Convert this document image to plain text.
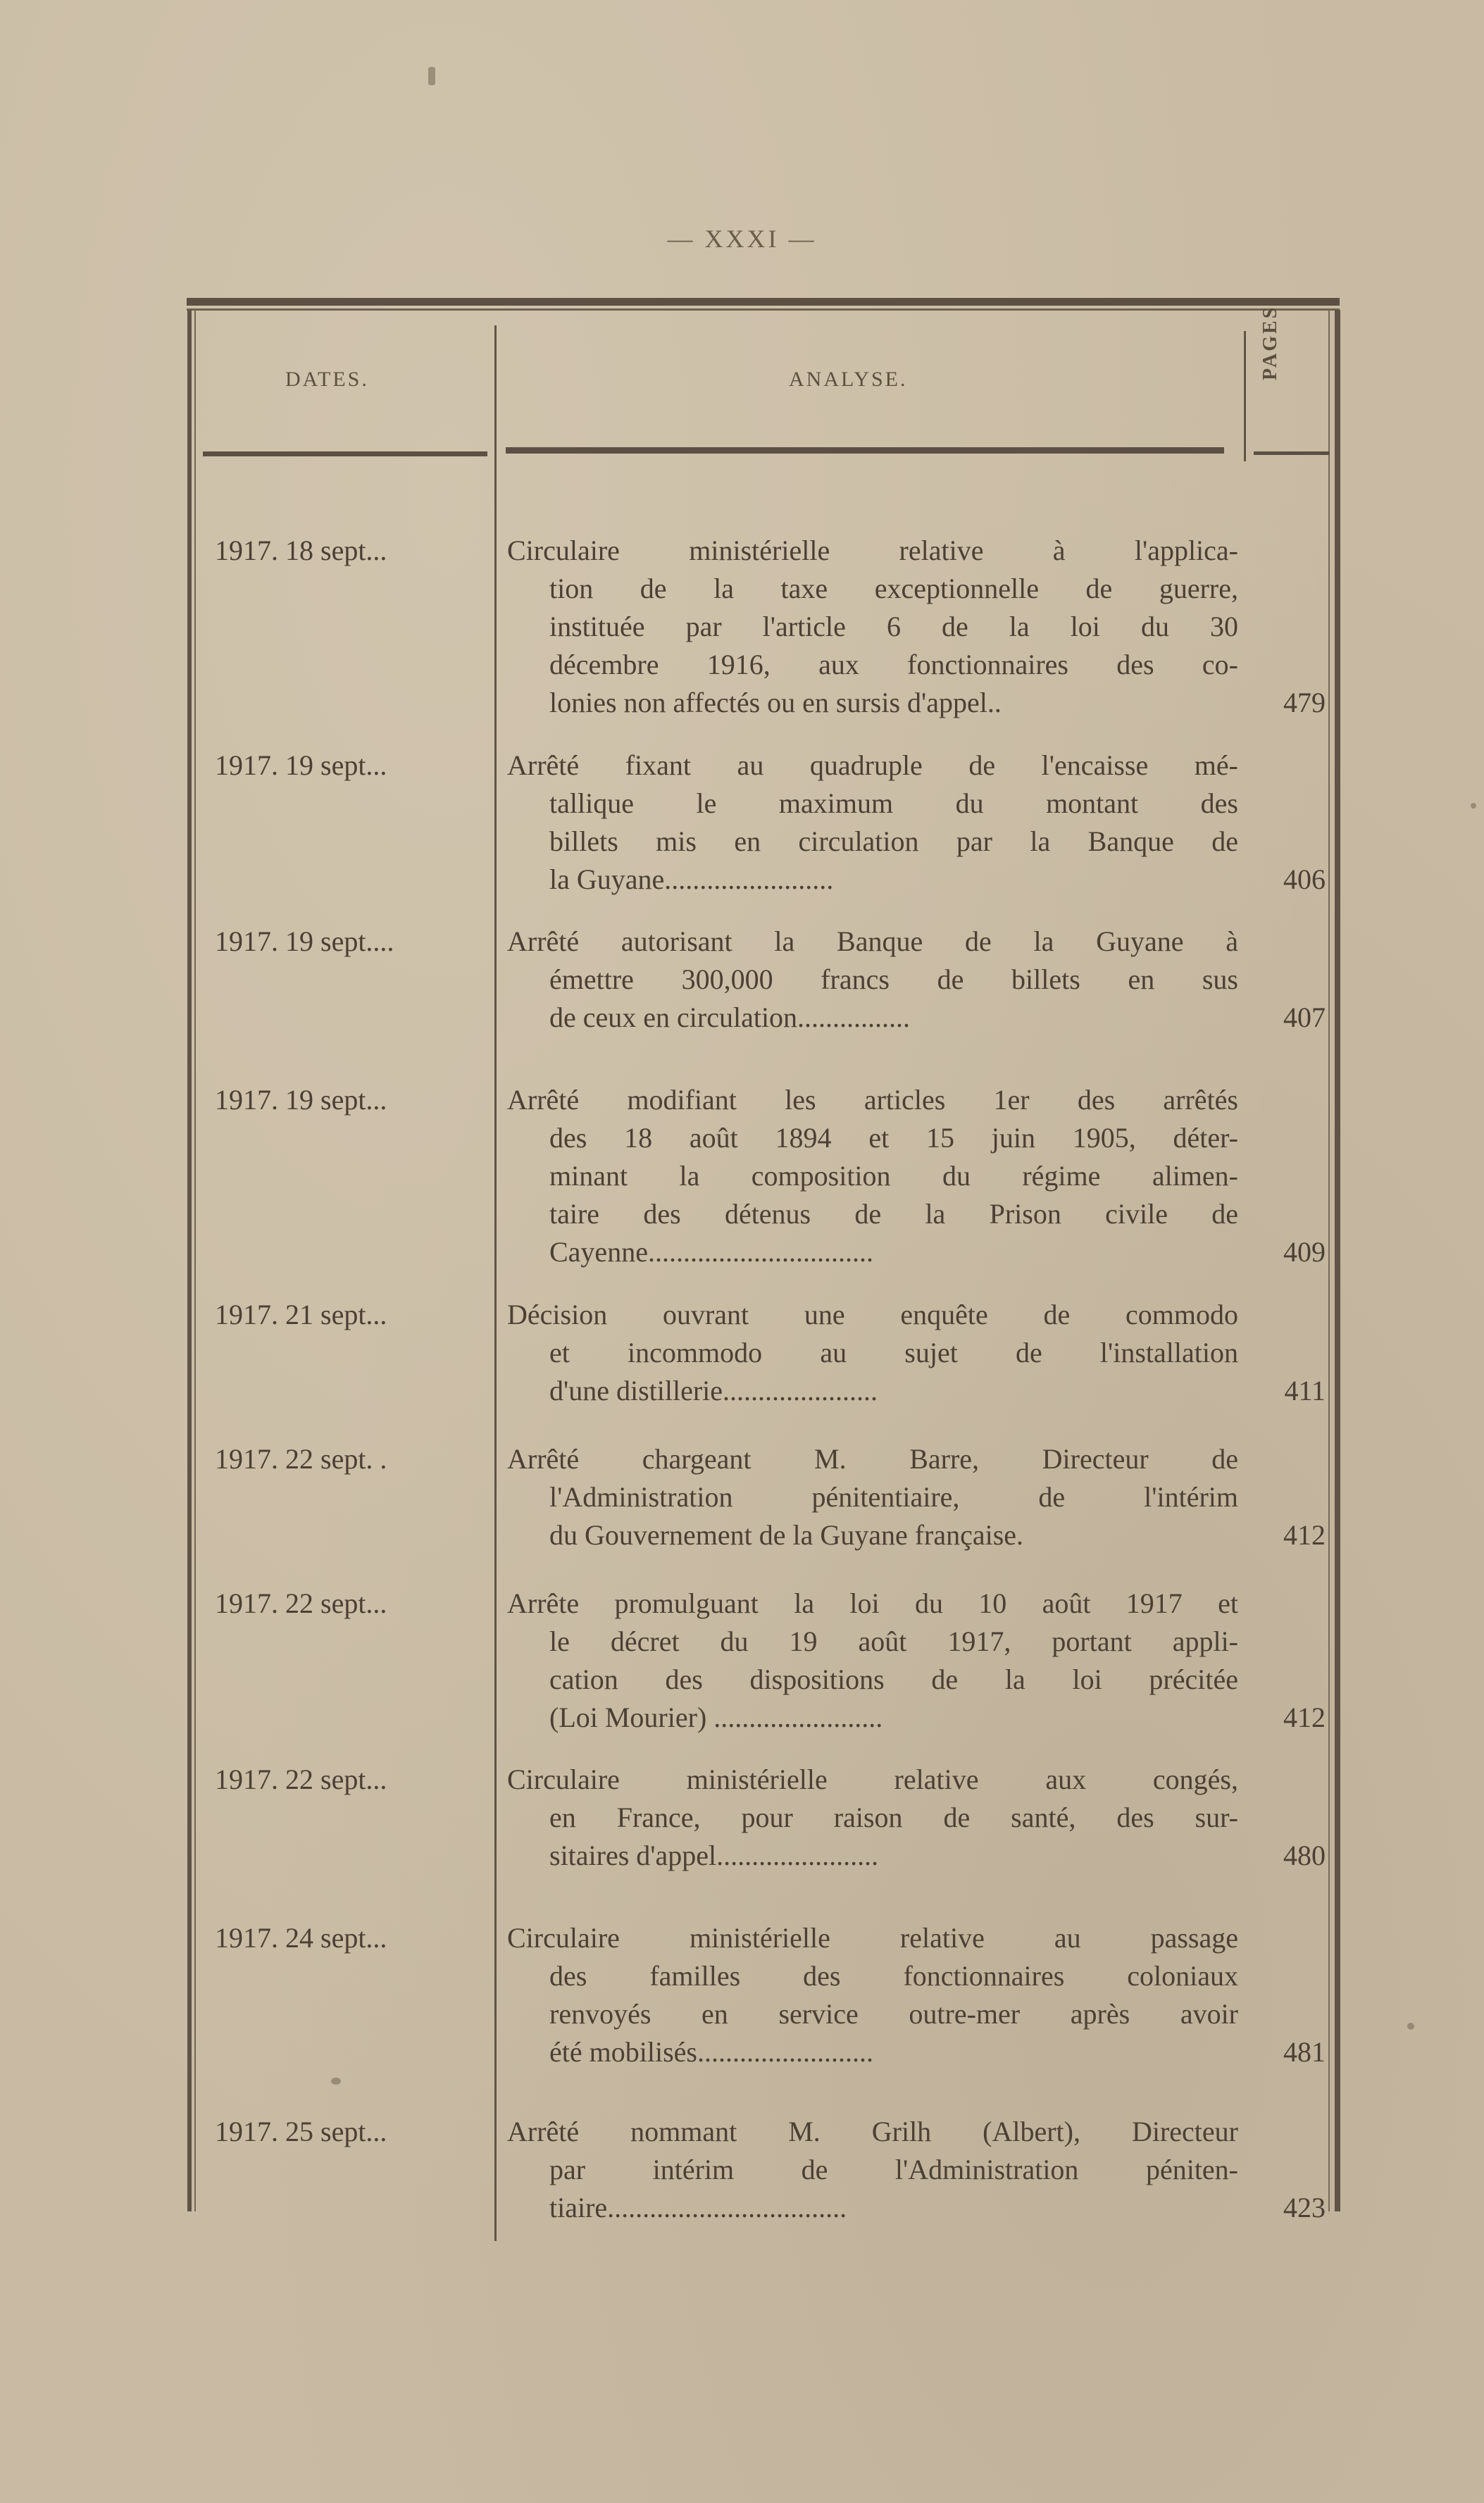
— XXXI —
DATES.	ANALYSE.	PAGES.
1917. 18 sept...	Circulaire ministérielle relative à l'applica-
tion de la taxe exceptionnelle de guerre,
instituée par l'article 6 de la loi du 30
décembre 1916, aux fonctionnaires des co-
lonies non affectés ou en sursis d'appel..	479
1917. 19 sept...	Arrêté fixant au quadruple de l'encaisse mé-
tallique le maximum du montant des
billets mis en circulation par la Banque de
la Guyane........................	406
1917. 19 sept....	Arrêté autorisant la Banque de la Guyane à
émettre 300,000 francs de billets en sus
de ceux en circulation................	407
1917. 19 sept...	Arrêté modifiant les articles 1er des arrêtés
des 18 août 1894 et 15 juin 1905, déter-
minant la composition du régime alimen-
taire des détenus de la Prison civile de
Cayenne................................	409
1917. 21 sept...	Décision ouvrant une enquête de commodo
et incommodo au sujet de l'installation
d'une distillerie......................	411
1917. 22 sept. .	Arrêté chargeant M. Barre, Directeur de
l'Administration pénitentiaire, de l'intérim
du Gouvernement de la Guyane française.	412
1917. 22 sept...	Arrête promulguant la loi du 10 août 1917 et
le décret du 19 août 1917, portant appli-
cation des dispositions de la loi précitée
(Loi Mourier) ........................	412
1917. 22 sept...	Circulaire ministérielle relative aux congés,
en France, pour raison de santé, des sur-
sitaires d'appel.......................	480
1917. 24 sept...	Circulaire ministérielle relative au passage
des familles des fonctionnaires coloniaux
renvoyés en service outre-mer après avoir
été mobilisés.........................	481
1917. 25 sept...	Arrêté nommant M. Grilh (Albert), Directeur
par intérim de l'Administration péniten-
tiaire..................................	423
